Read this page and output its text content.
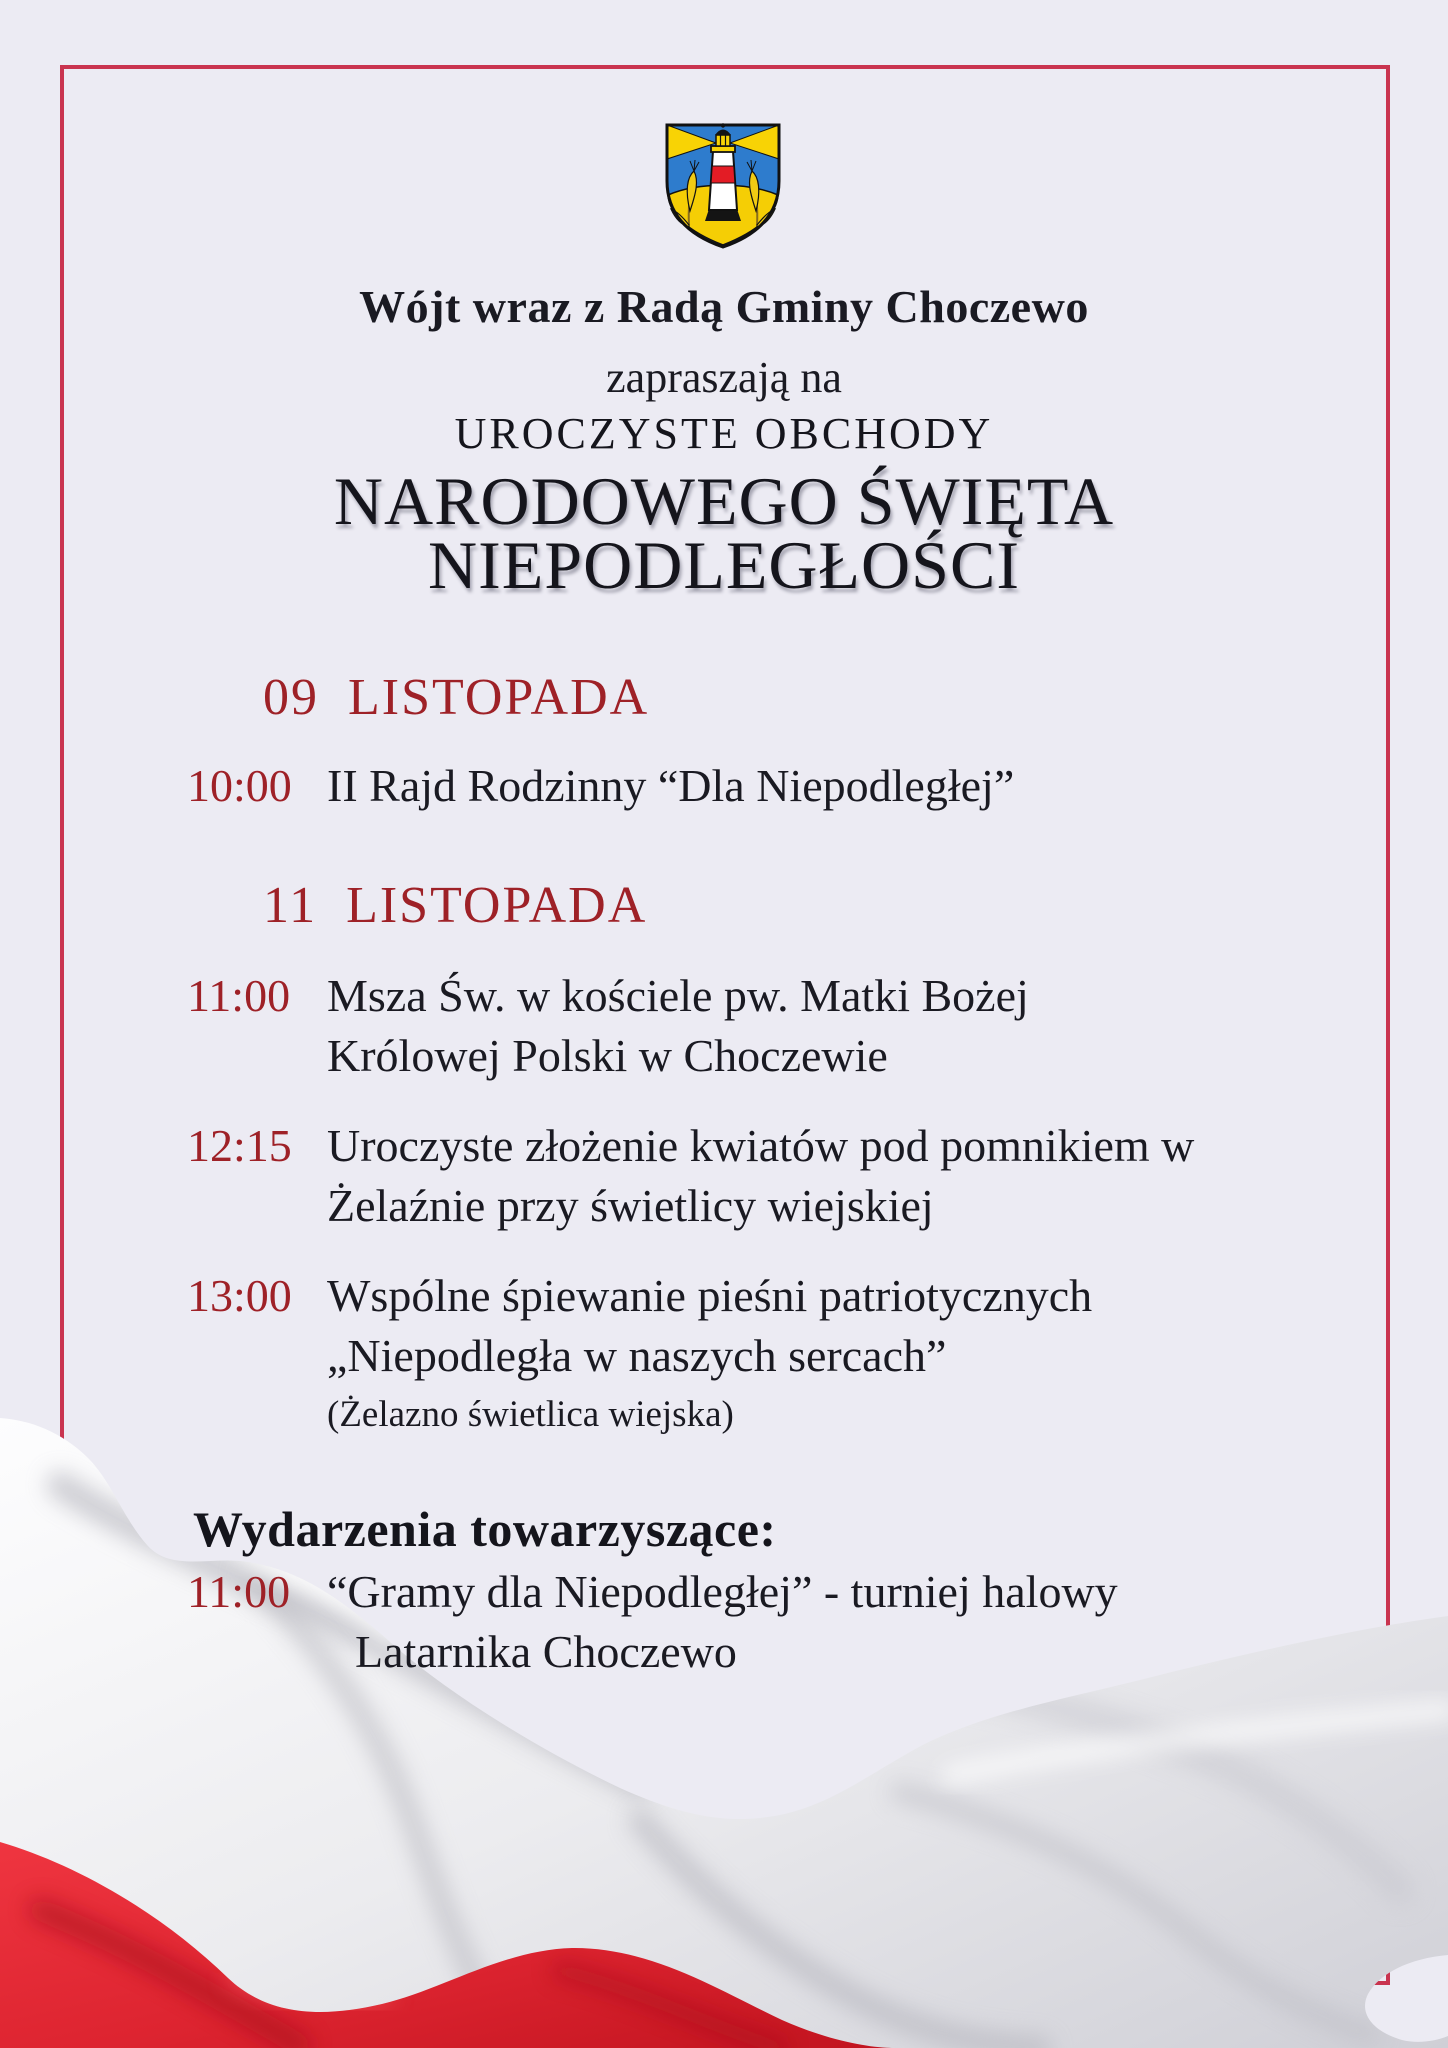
Wójt wraz z Radą Gminy Choczewo
zapraszają na
UROCZYSTE OBCHODY
NARODOWEGO ŚWIĘTA
NIEPODLEGŁOŚCI
09 LISTOPADA
10:00 II Rajd Rodzinny “Dla Niepodległej”
11 LISTOPADA
11:00 Msza Św. w kościele pw. Matki Bożej
Królowej Polski w Choczewie
12:15 Uroczyste złożenie kwiatów pod pomnikiem w
Żelaźnie przy świetlicy wiejskiej
13:00 Wspólne śpiewanie pieśni patriotycznych
„Niepodległa w naszych sercach”
(Żelazno świetlica wiejska)
Wydarzenia towarzyszące:
11:00 “Gramy dla Niepodległej” - turniej halowy
Latarnika Choczewo
